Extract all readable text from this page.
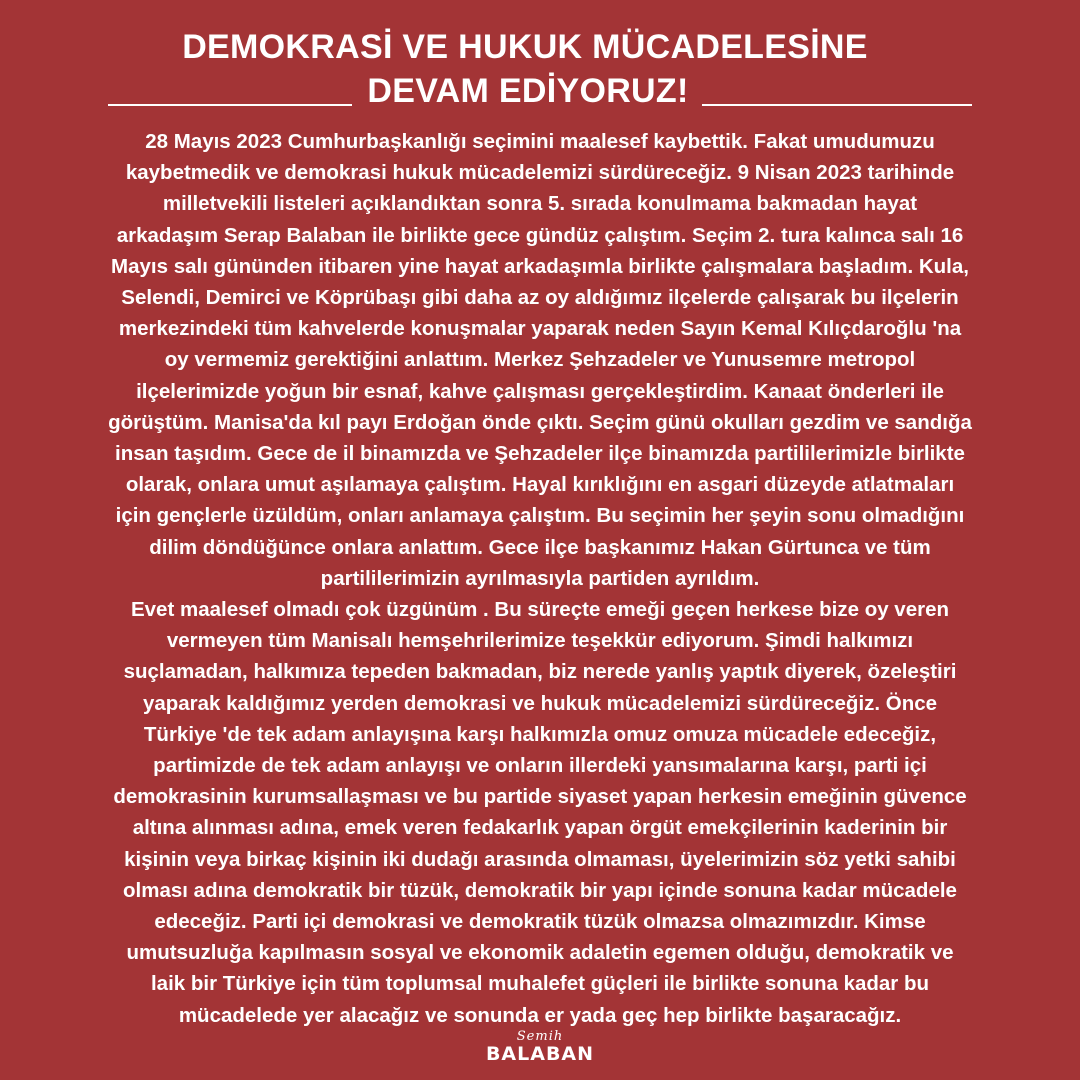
DEMOKRASİ VE HUKUK MÜCADELESİNE
DEVAM EDİYORUZ!

28 Mayıs 2023 Cumhurbaşkanlığı seçimini maalesef kaybettik. Fakat umudumuzu
kaybetmedik ve demokrasi hukuk mücadelemizi sürdüreceğiz. 9 Nisan 2023 tarihinde
milletvekili listeleri açıklandıktan sonra 5. sırada konulmama bakmadan hayat
arkadaşım Serap Balaban ile birlikte gece gündüz çalıştım. Seçim 2. tura kalınca salı 16
Mayıs salı gününden itibaren yine hayat arkadaşımla birlikte çalışmalara başladım. Kula,
Selendi, Demirci ve Köprübaşı gibi daha az oy aldığımız ilçelerde çalışarak bu ilçelerin
merkezindeki tüm kahvelerde konuşmalar yaparak neden Sayın Kemal Kılıçdaroğlu 'na
oy vermemiz gerektiğini anlattım. Merkez Şehzadeler ve Yunusemre metropol
ilçelerimizde yoğun bir esnaf, kahve çalışması gerçekleştirdim. Kanaat önderleri ile
görüştüm. Manisa'da kıl payı Erdoğan önde çıktı. Seçim günü okulları gezdim ve sandığa
insan taşıdım. Gece de il binamızda ve Şehzadeler ilçe binamızda partililerimizle birlikte
olarak, onlara umut aşılamaya çalıştım. Hayal kırıklığını en asgari düzeyde atlatmaları
için gençlerle üzüldüm, onları anlamaya çalıştım. Bu seçimin her şeyin sonu olmadığını
dilim döndüğünce onlara anlattım. Gece ilçe başkanımız Hakan Gürtunca ve tüm
partililerimizin ayrılmasıyla partiden ayrıldım.
Evet maalesef olmadı çok üzgünüm . Bu süreçte emeği geçen herkese bize oy veren
vermeyen tüm Manisalı hemşehrilerimize teşekkür ediyorum. Şimdi halkımızı
suçlamadan, halkımıza tepeden bakmadan, biz nerede yanlış yaptık diyerek, özeleştiri
yaparak kaldığımız yerden demokrasi ve hukuk mücadelemizi sürdüreceğiz. Önce
Türkiye 'de tek adam anlayışına karşı halkımızla omuz omuza mücadele edeceğiz,
partimizde de tek adam anlayışı ve onların illerdeki yansımalarına karşı, parti içi
demokrasinin kurumsallaşması ve bu partide siyaset yapan herkesin emeğinin güvence
altına alınması adına, emek veren fedakarlık yapan örgüt emekçilerinin kaderinin bir
kişinin veya birkaç kişinin iki dudağı arasında olmaması, üyelerimizin söz yetki sahibi
olması adına demokratik bir tüzük, demokratik bir yapı içinde sonuna kadar mücadele
edeceğiz. Parti içi demokrasi ve demokratik tüzük olmazsa olmazımızdır. Kimse
umutsuzluğa kapılmasın sosyal ve ekonomik adaletin egemen olduğu, demokratik ve
laik bir Türkiye için tüm toplumsal muhalefet güçleri ile birlikte sonuna kadar bu
mücadelede yer alacağız ve sonunda er yada geç hep birlikte başaracağız.

Semih
BALABAN
